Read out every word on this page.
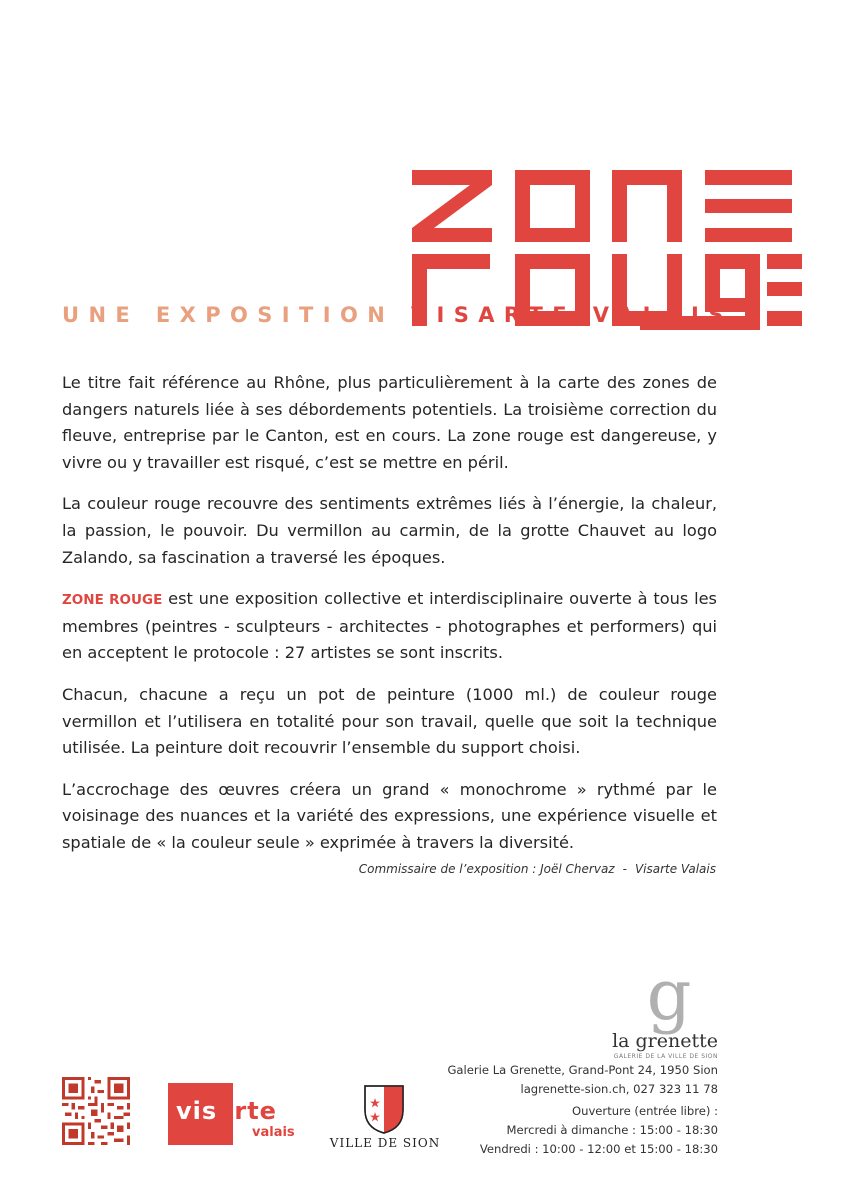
UNE EXPOSITION VISARTE VALAIS

Le titre fait référence au Rhône, plus particulièrement à la carte des zones de dangers naturels liée à ses débordements potentiels. La troisième correction du fleuve, entreprise par le Canton, est en cours. La zone rouge est dangereuse, y vivre ou y travailler est risqué, c’est se mettre en péril.

La couleur rouge recouvre des sentiments extrêmes liés à l’énergie, la chaleur, la passion, le pouvoir. Du vermillon au carmin, de la grotte Chauvet au logo Zalando, sa fascination a traversé les époques.

ZONE ROUGE est une exposition collective et interdisciplinaire ouverte à tous les membres (peintres - sculpteurs - architectes - photographes et performers) qui en acceptent le protocole : 27 artistes se sont inscrits.

Chacun, chacune a reçu un pot de peinture (1000 ml.) de couleur rouge vermillon et l’utilisera en totalité pour son travail, quelle que soit la technique utilisée. La peinture doit recouvrir l’ensemble du support choisi.

L’accrochage des œuvres créera un grand « monochrome » rythmé par le voisinage des nuances et la variété des expressions, une expérience visuelle et spatiale de « la couleur seule » exprimée à travers la diversité.

Commissaire de l’exposition : Joël Chervaz - Visarte Valais
g
la grenette
GALERIE DE LA VILLE DE SION
Galerie La Grenette, Grand-Pont 24, 1950 Sion
lagrenette-sion.ch, 027 323 11 78
Ouverture (entrée libre) :
Mercredi à dimanche : 15:00 - 18:30
Vendredi : 10:00 - 12:00 et 15:00 - 18:30
visarte
valais
VILLE DE SION
